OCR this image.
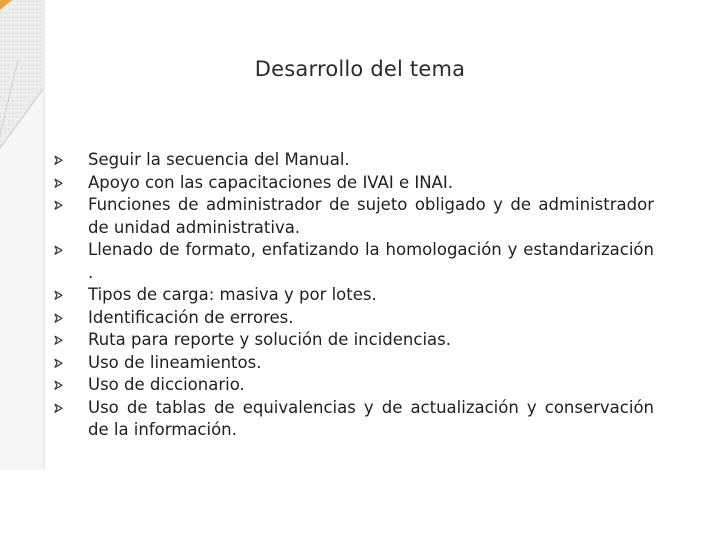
Desarrollo del tema
Seguir la secuencia del Manual.
Apoyo con las capacitaciones de IVAI e INAI.
Funciones de administrador de sujeto obligado y de administrador de unidad administrativa.
Llenado de formato, enfatizando la homologación y estandarización .
Tipos de carga: masiva y por lotes.
Identificación de errores.
Ruta para reporte y solución de incidencias.
Uso de lineamientos.
Uso de diccionario.
Uso de tablas de equivalencias y de actualización y conservación de la información.
